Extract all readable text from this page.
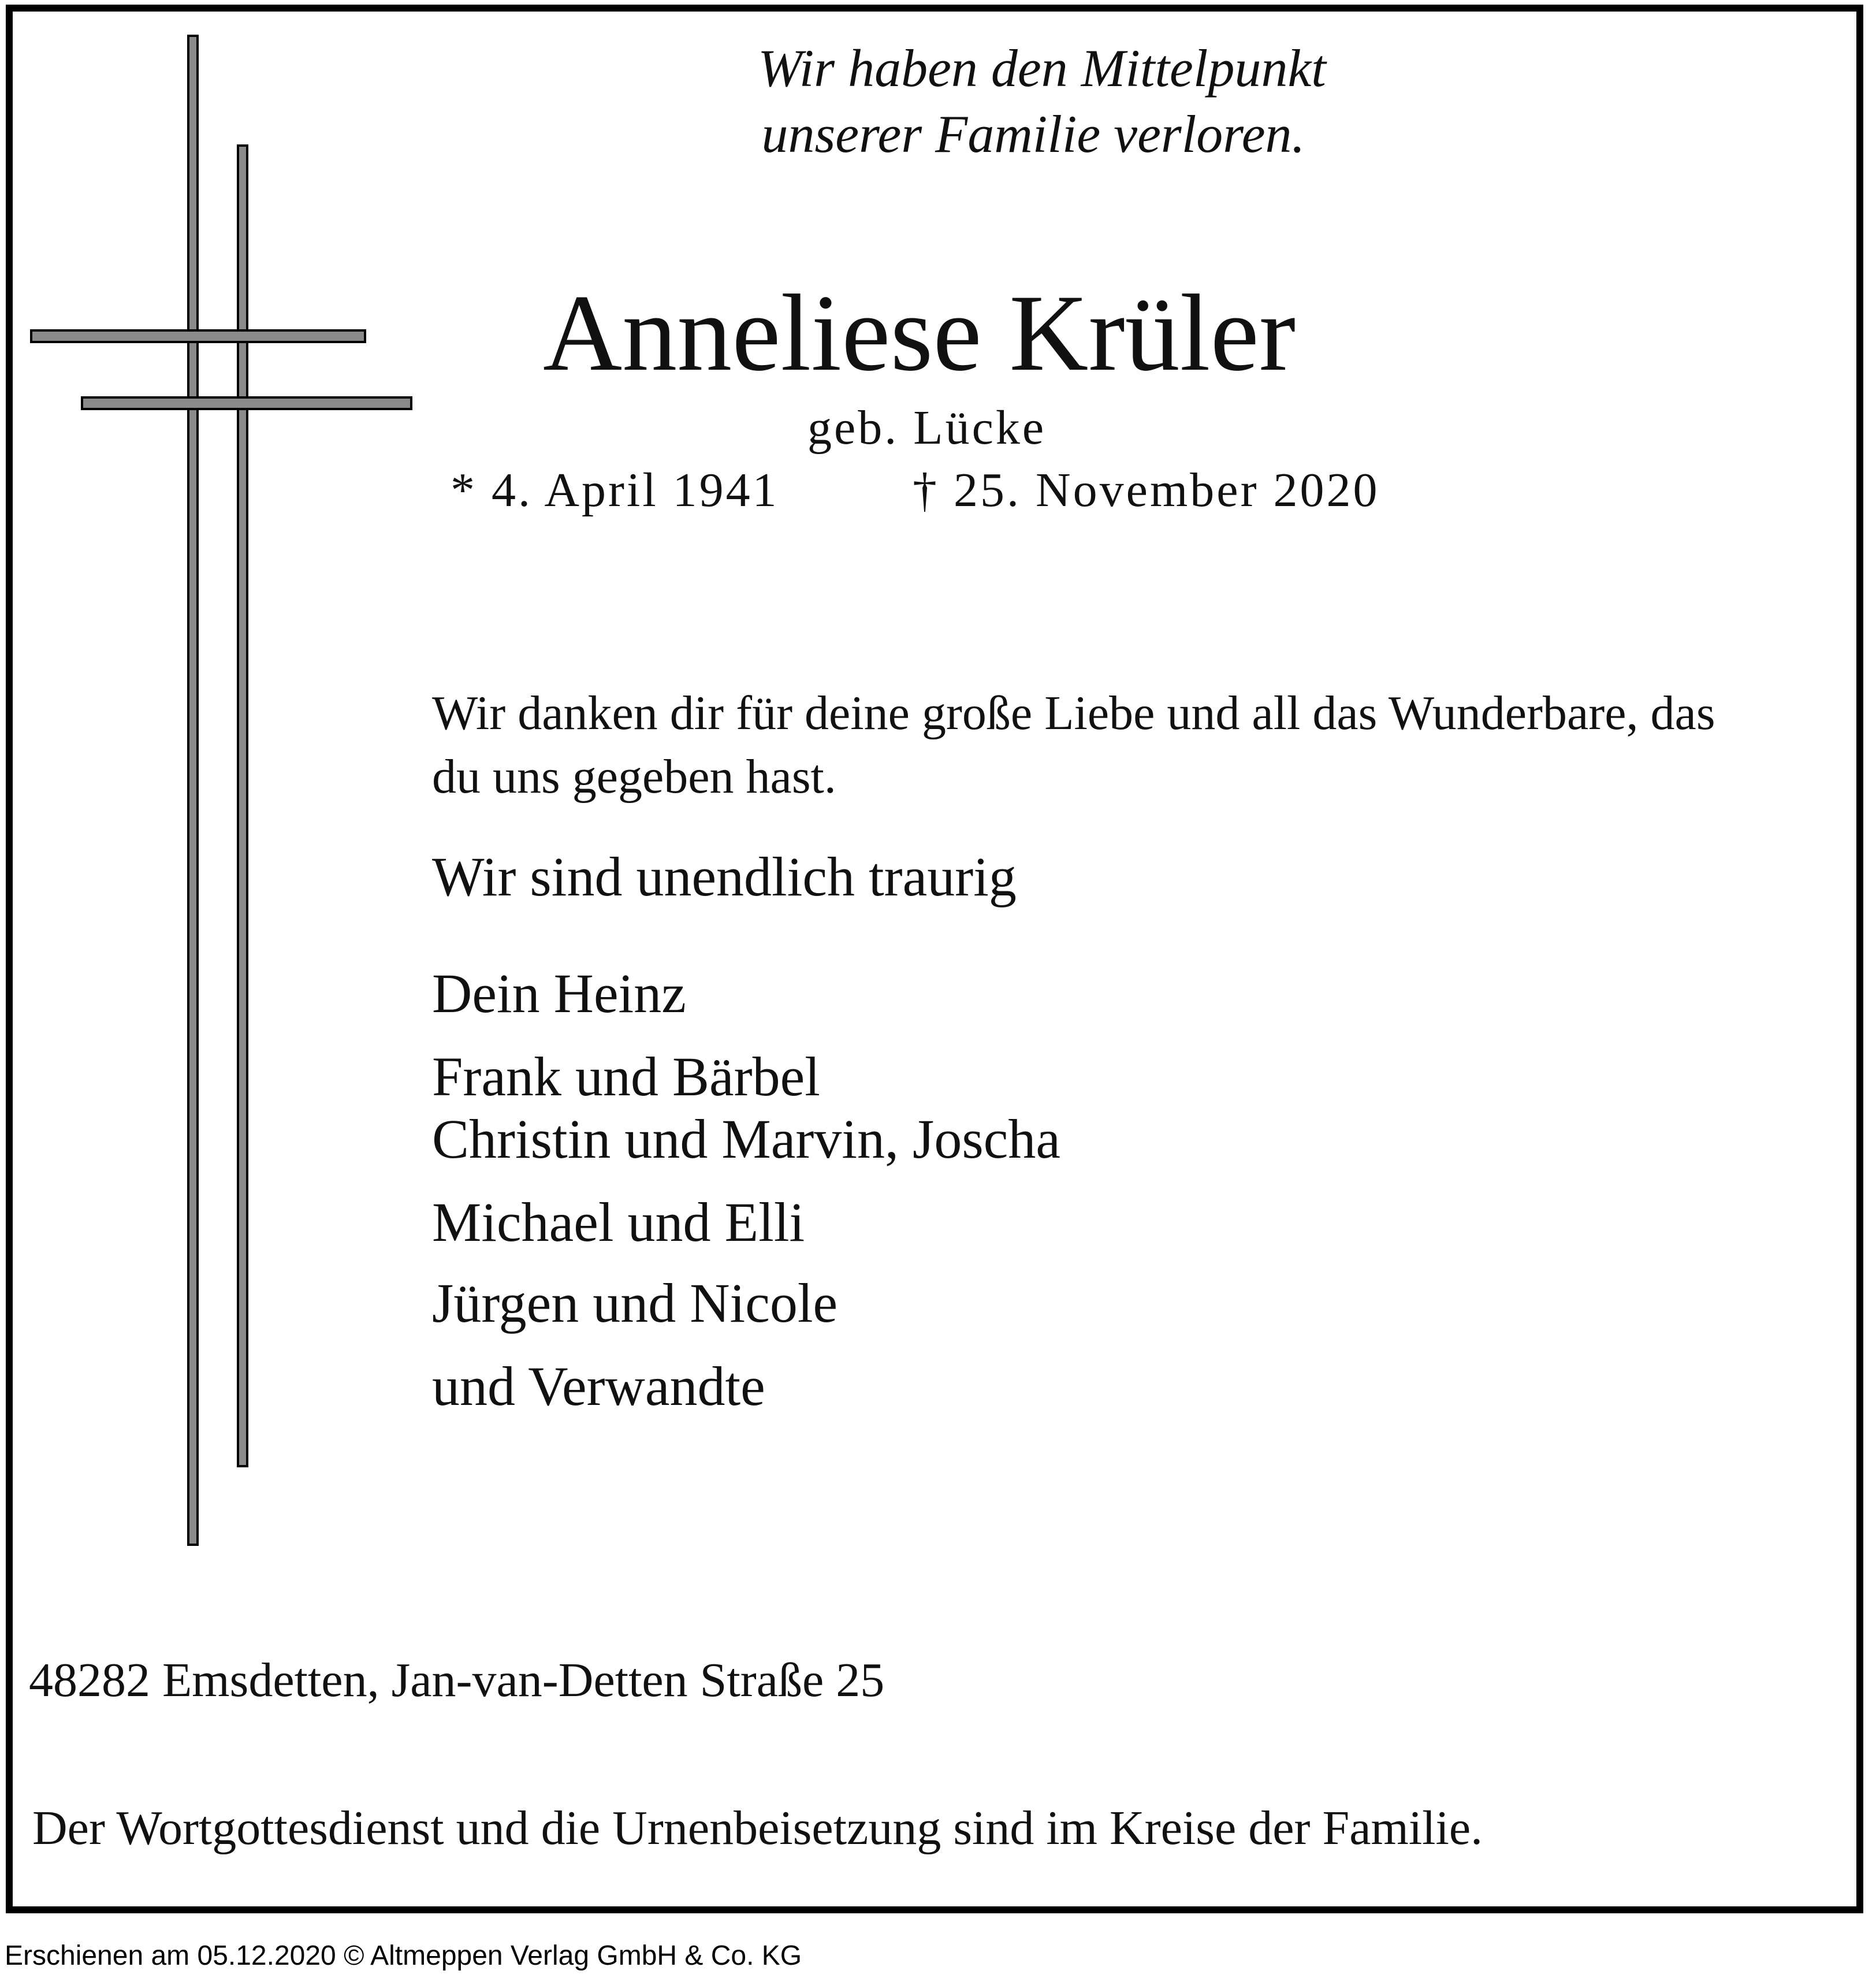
Wir haben den Mittelpunkt

unserer Familie verloren.

Anneliese Krüler

geb. Lücke

* 4. April 1941	† 25. November 2020

Wir danken dir für deine große Liebe und all das Wunderbare, das

du uns gegeben hast.

Wir sind unendlich traurig

Dein Heinz

Frank und Bärbel

Christin und Marvin, Joscha

Michael und Elli

Jürgen und Nicole

und Verwandte

48282 Emsdetten, Jan-van-Detten Straße 25

Der Wortgottesdienst und die Urnenbeisetzung sind im Kreise der Familie.

Erschienen am 05.12.2020 © Altmeppen Verlag GmbH & Co. KG
